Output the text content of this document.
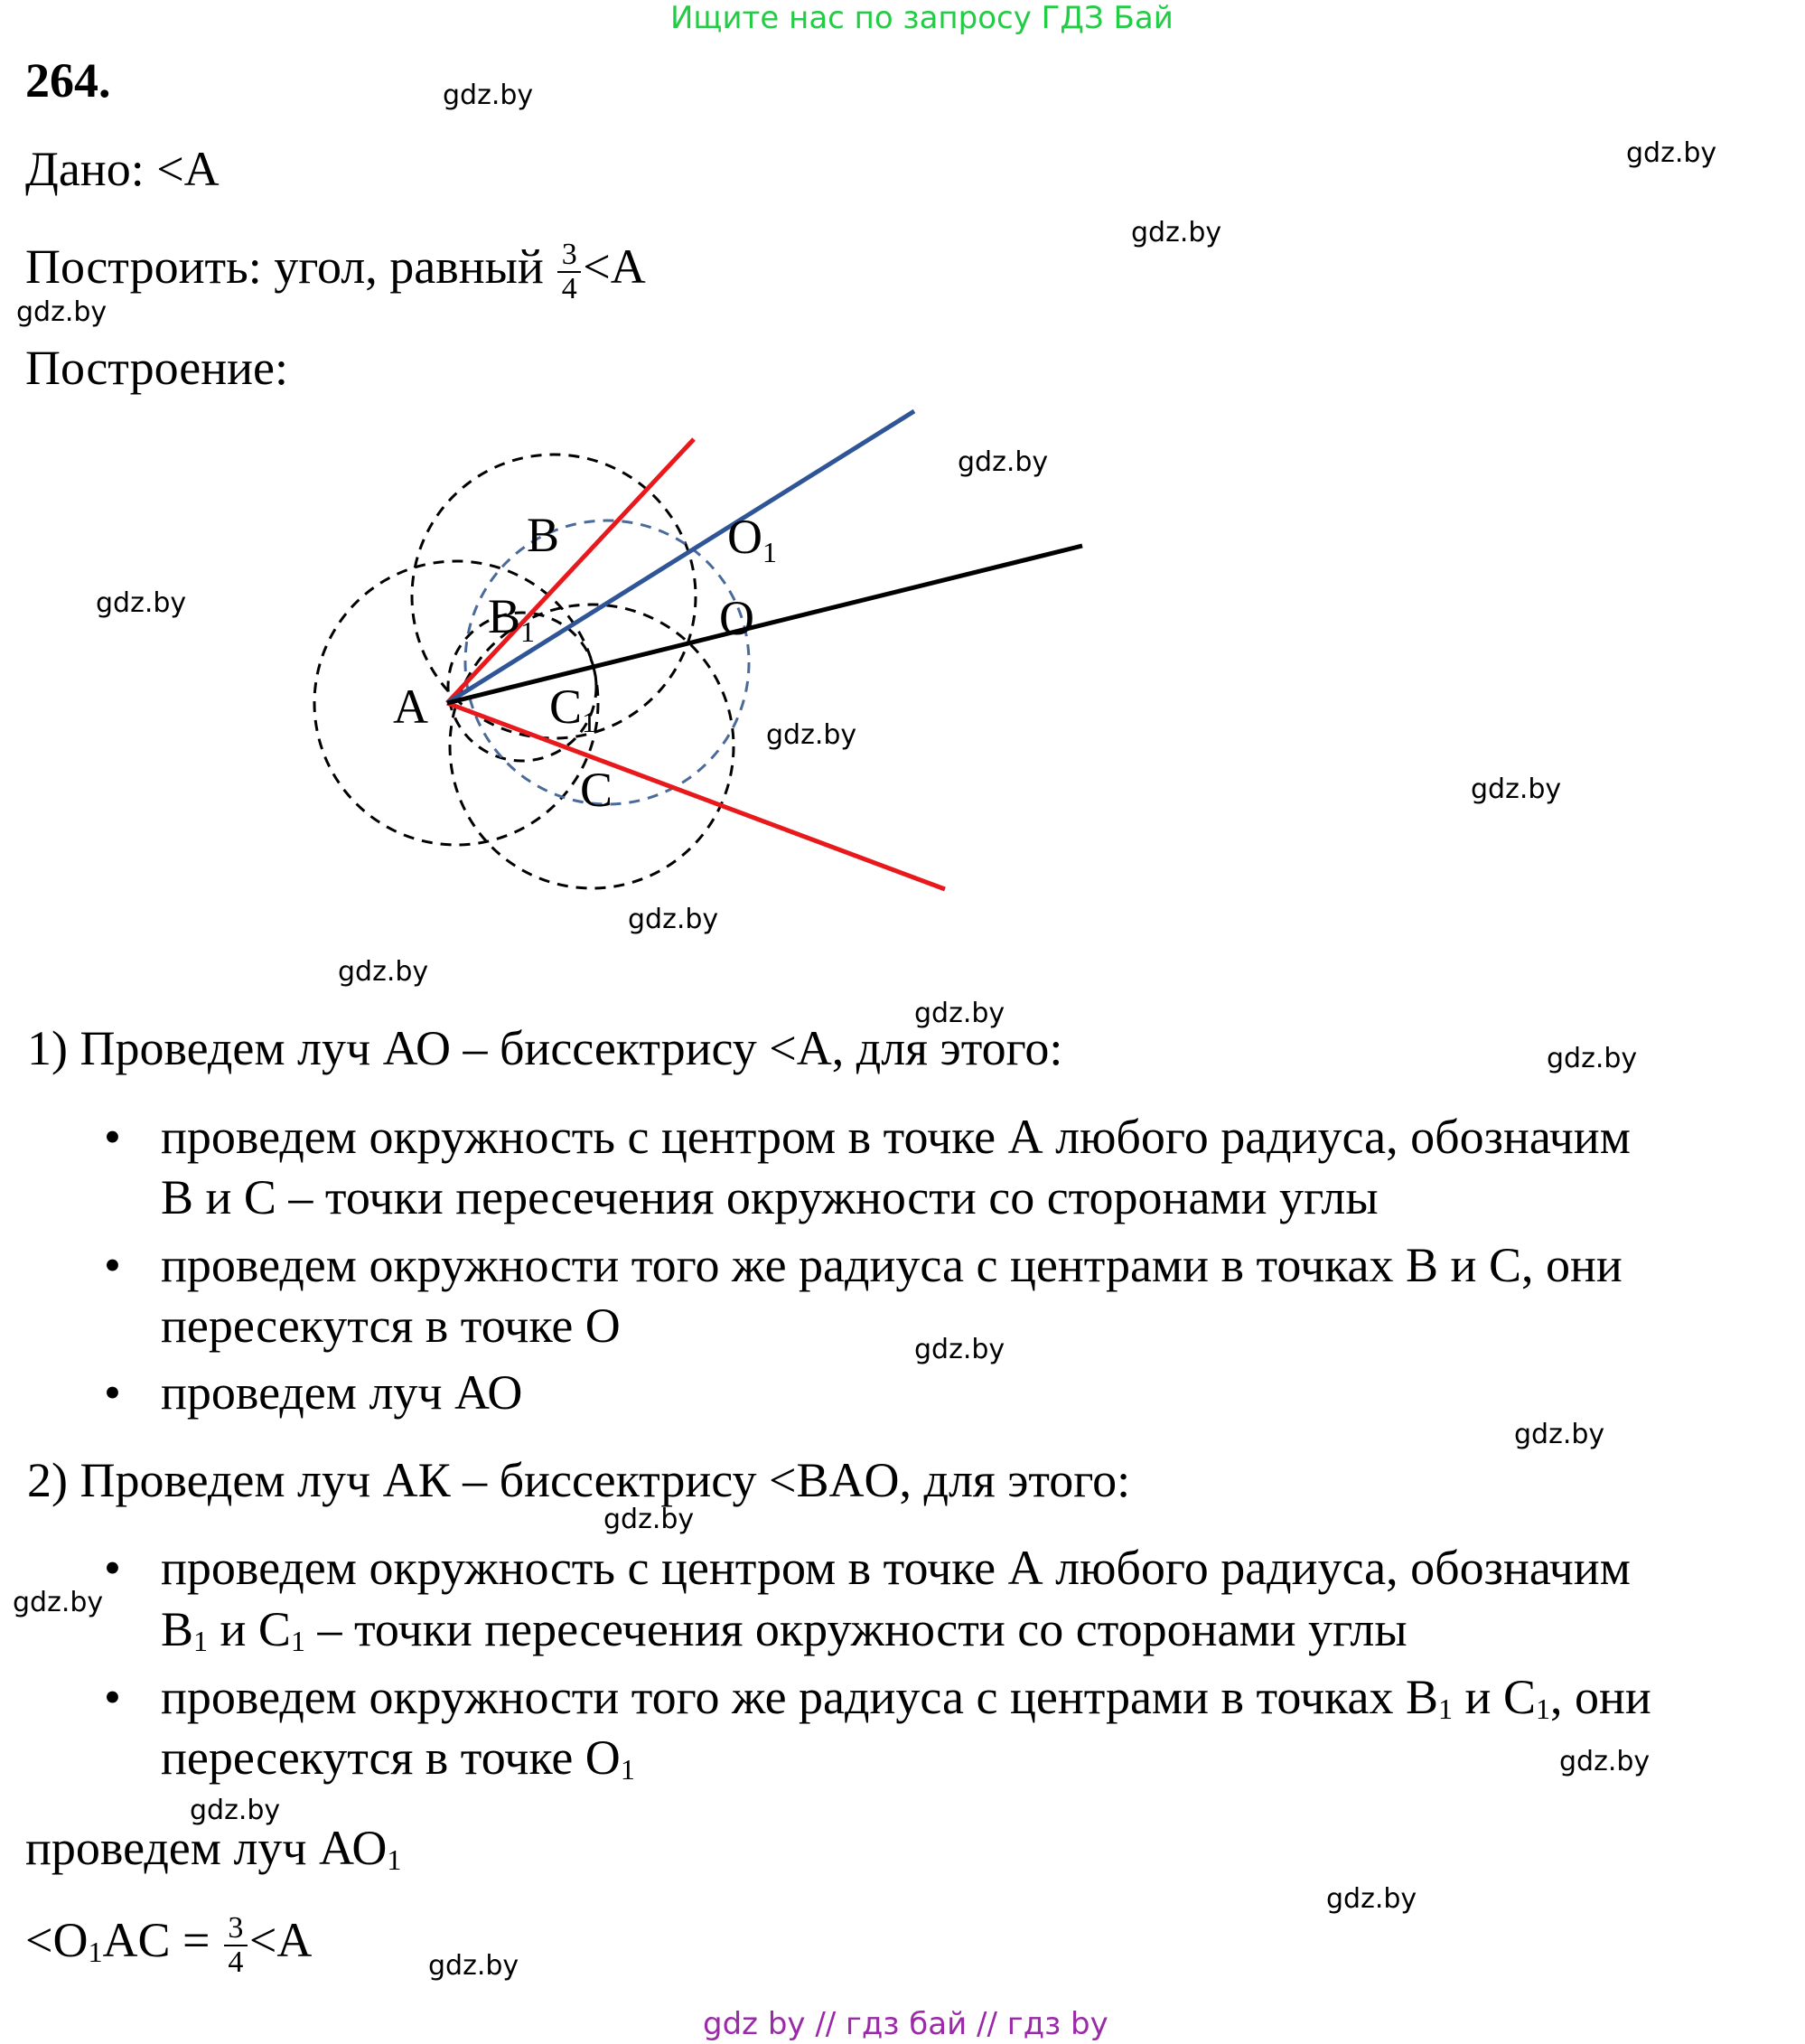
Ищите нас по запросу ГДЗ Бай
264.
Дано: <A
Построить: угол, равный $\frac{3}{4} <A$
Построение:
A
B
B1
C1
C
O
O1
1) Проведем луч АО – биссектрису <A, для этого:
• проведем окружность с центром в точке А любого радиуса, обозначим
В и С – точки пересечения окружности со сторонами углы
• проведем окружности того же радиуса с центрами в точках В и С, они
пересекутся в точке О
• проведем луч АО
2) Проведем луч АК – биссектрису <BAO, для этого:
• проведем окружность с центром в точке А любого радиуса, обозначим
$В_1$ и $С_1$ – точки пересечения окружности со сторонами углы
• проведем окружности того же радиуса с центрами в точках $В_1$ и $С_1$, они
пересекутся в точке $О_1$
проведем луч $АО_1$
$<O_1AC = \frac{3}{4} <A$
gdz.by
gdz.by
gdz.by
gdz.by
gdz.by
gdz.by
gdz.by
gdz.by
gdz.by
gdz.by
gdz.by
gdz.by
gdz.by
gdz.by
gdz.by
gdz.by
gdz.by
gdz.by
gdz.by
gdz.by
gdz by // гдз бай // гдз by
